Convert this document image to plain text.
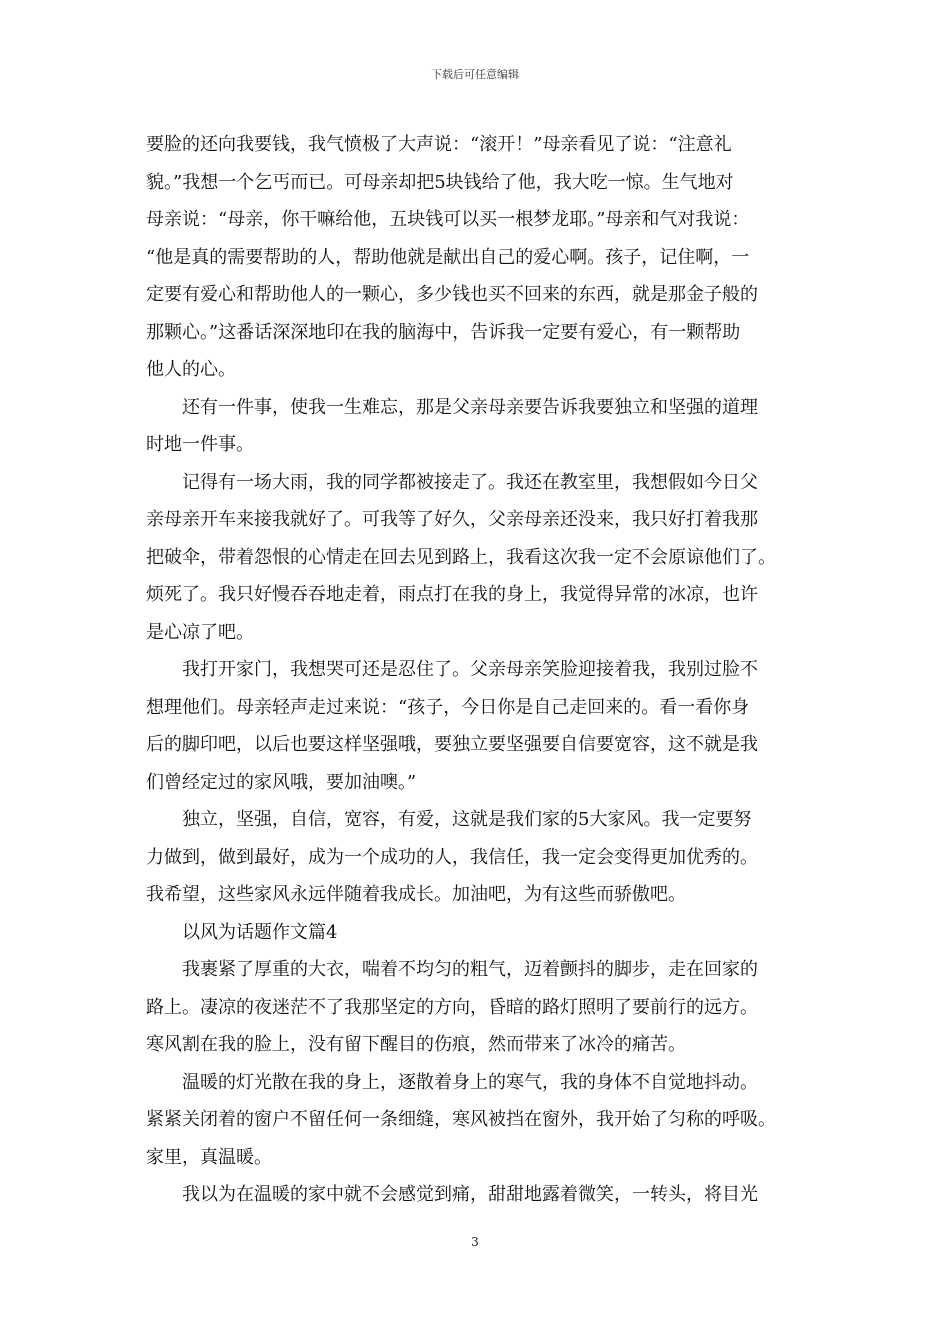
下载后可任意编辑
要脸的还向我要钱，我气愤极了大声说：“滚开！”母亲看见了说：“注意礼
貌。”我想一个乞丐而已。可母亲却把5块钱给了他，我大吃一惊。生气地对
母亲说：“母亲，你干嘛给他，五块钱可以买一根梦龙耶。”母亲和气对我说：
“他是真的需要帮助的人，帮助他就是献出自己的爱心啊。孩子，记住啊，一
定要有爱心和帮助他人的一颗心，多少钱也买不回来的东西，就是那金子般的
那颗心。”这番话深深地印在我的脑海中，告诉我一定要有爱心，有一颗帮助
他人的心。
还有一件事，使我一生难忘，那是父亲母亲要告诉我要独立和坚强的道理
时地一件事。
记得有一场大雨，我的同学都被接走了。我还在教室里，我想假如今日父
亲母亲开车来接我就好了。可我等了好久，父亲母亲还没来，我只好打着我那
把破伞，带着怨恨的心情走在回去见到路上，我看这次我一定不会原谅他们了。
烦死了。我只好慢吞吞地走着，雨点打在我的身上，我觉得异常的冰凉，也许
是心凉了吧。
我打开家门，我想哭可还是忍住了。父亲母亲笑脸迎接着我，我别过脸不
想理他们。母亲轻声走过来说：“孩子，今日你是自己走回来的。看一看你身
后的脚印吧，以后也要这样坚强哦，要独立要坚强要自信要宽容，这不就是我
们曾经定过的家风哦，要加油噢。”
独立，坚强，自信，宽容，有爱，这就是我们家的5大家风。我一定要努
力做到，做到最好，成为一个成功的人，我信任，我一定会变得更加优秀的。
我希望，这些家风永远伴随着我成长。加油吧，为有这些而骄傲吧。
以风为话题作文篇4
我裹紧了厚重的大衣，喘着不均匀的粗气，迈着颤抖的脚步，走在回家的
路上。凄凉的夜迷茫不了我那坚定的方向，昏暗的路灯照明了要前行的远方。
寒风割在我的脸上，没有留下醒目的伤痕，然而带来了冰冷的痛苦。
温暖的灯光散在我的身上，逐散着身上的寒气，我的身体不自觉地抖动。
紧紧关闭着的窗户不留任何一条细缝，寒风被挡在窗外，我开始了匀称的呼吸。
家里，真温暖。
我以为在温暖的家中就不会感觉到痛，甜甜地露着微笑，一转头，将目光
3
